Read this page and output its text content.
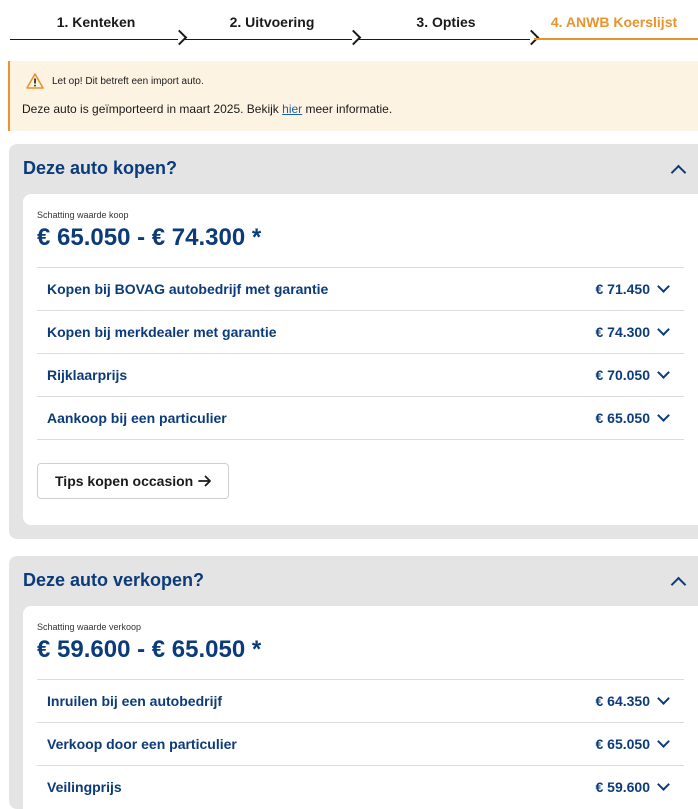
1. Kenteken	2. Uitvoering	3. Opties	4. ANWB Koerslijst
Let op! Dit betreft een import auto.
Deze auto is geïmporteerd in maart 2025. Bekijk hier meer informatie.
Deze auto kopen?
Schatting waarde koop
€ 65.050 - € 74.300 *
Kopen bij BOVAG autobedrijf met garantie	€ 71.450
Kopen bij merkdealer met garantie	€ 74.300
Rijklaarprijs	€ 70.050
Aankoop bij een particulier	€ 65.050
Tips kopen occasion
Deze auto verkopen?
Schatting waarde verkoop
€ 59.600 - € 65.050 *
Inruilen bij een autobedrijf	€ 64.350
Verkoop door een particulier	€ 65.050
Veilingprijs	€ 59.600
